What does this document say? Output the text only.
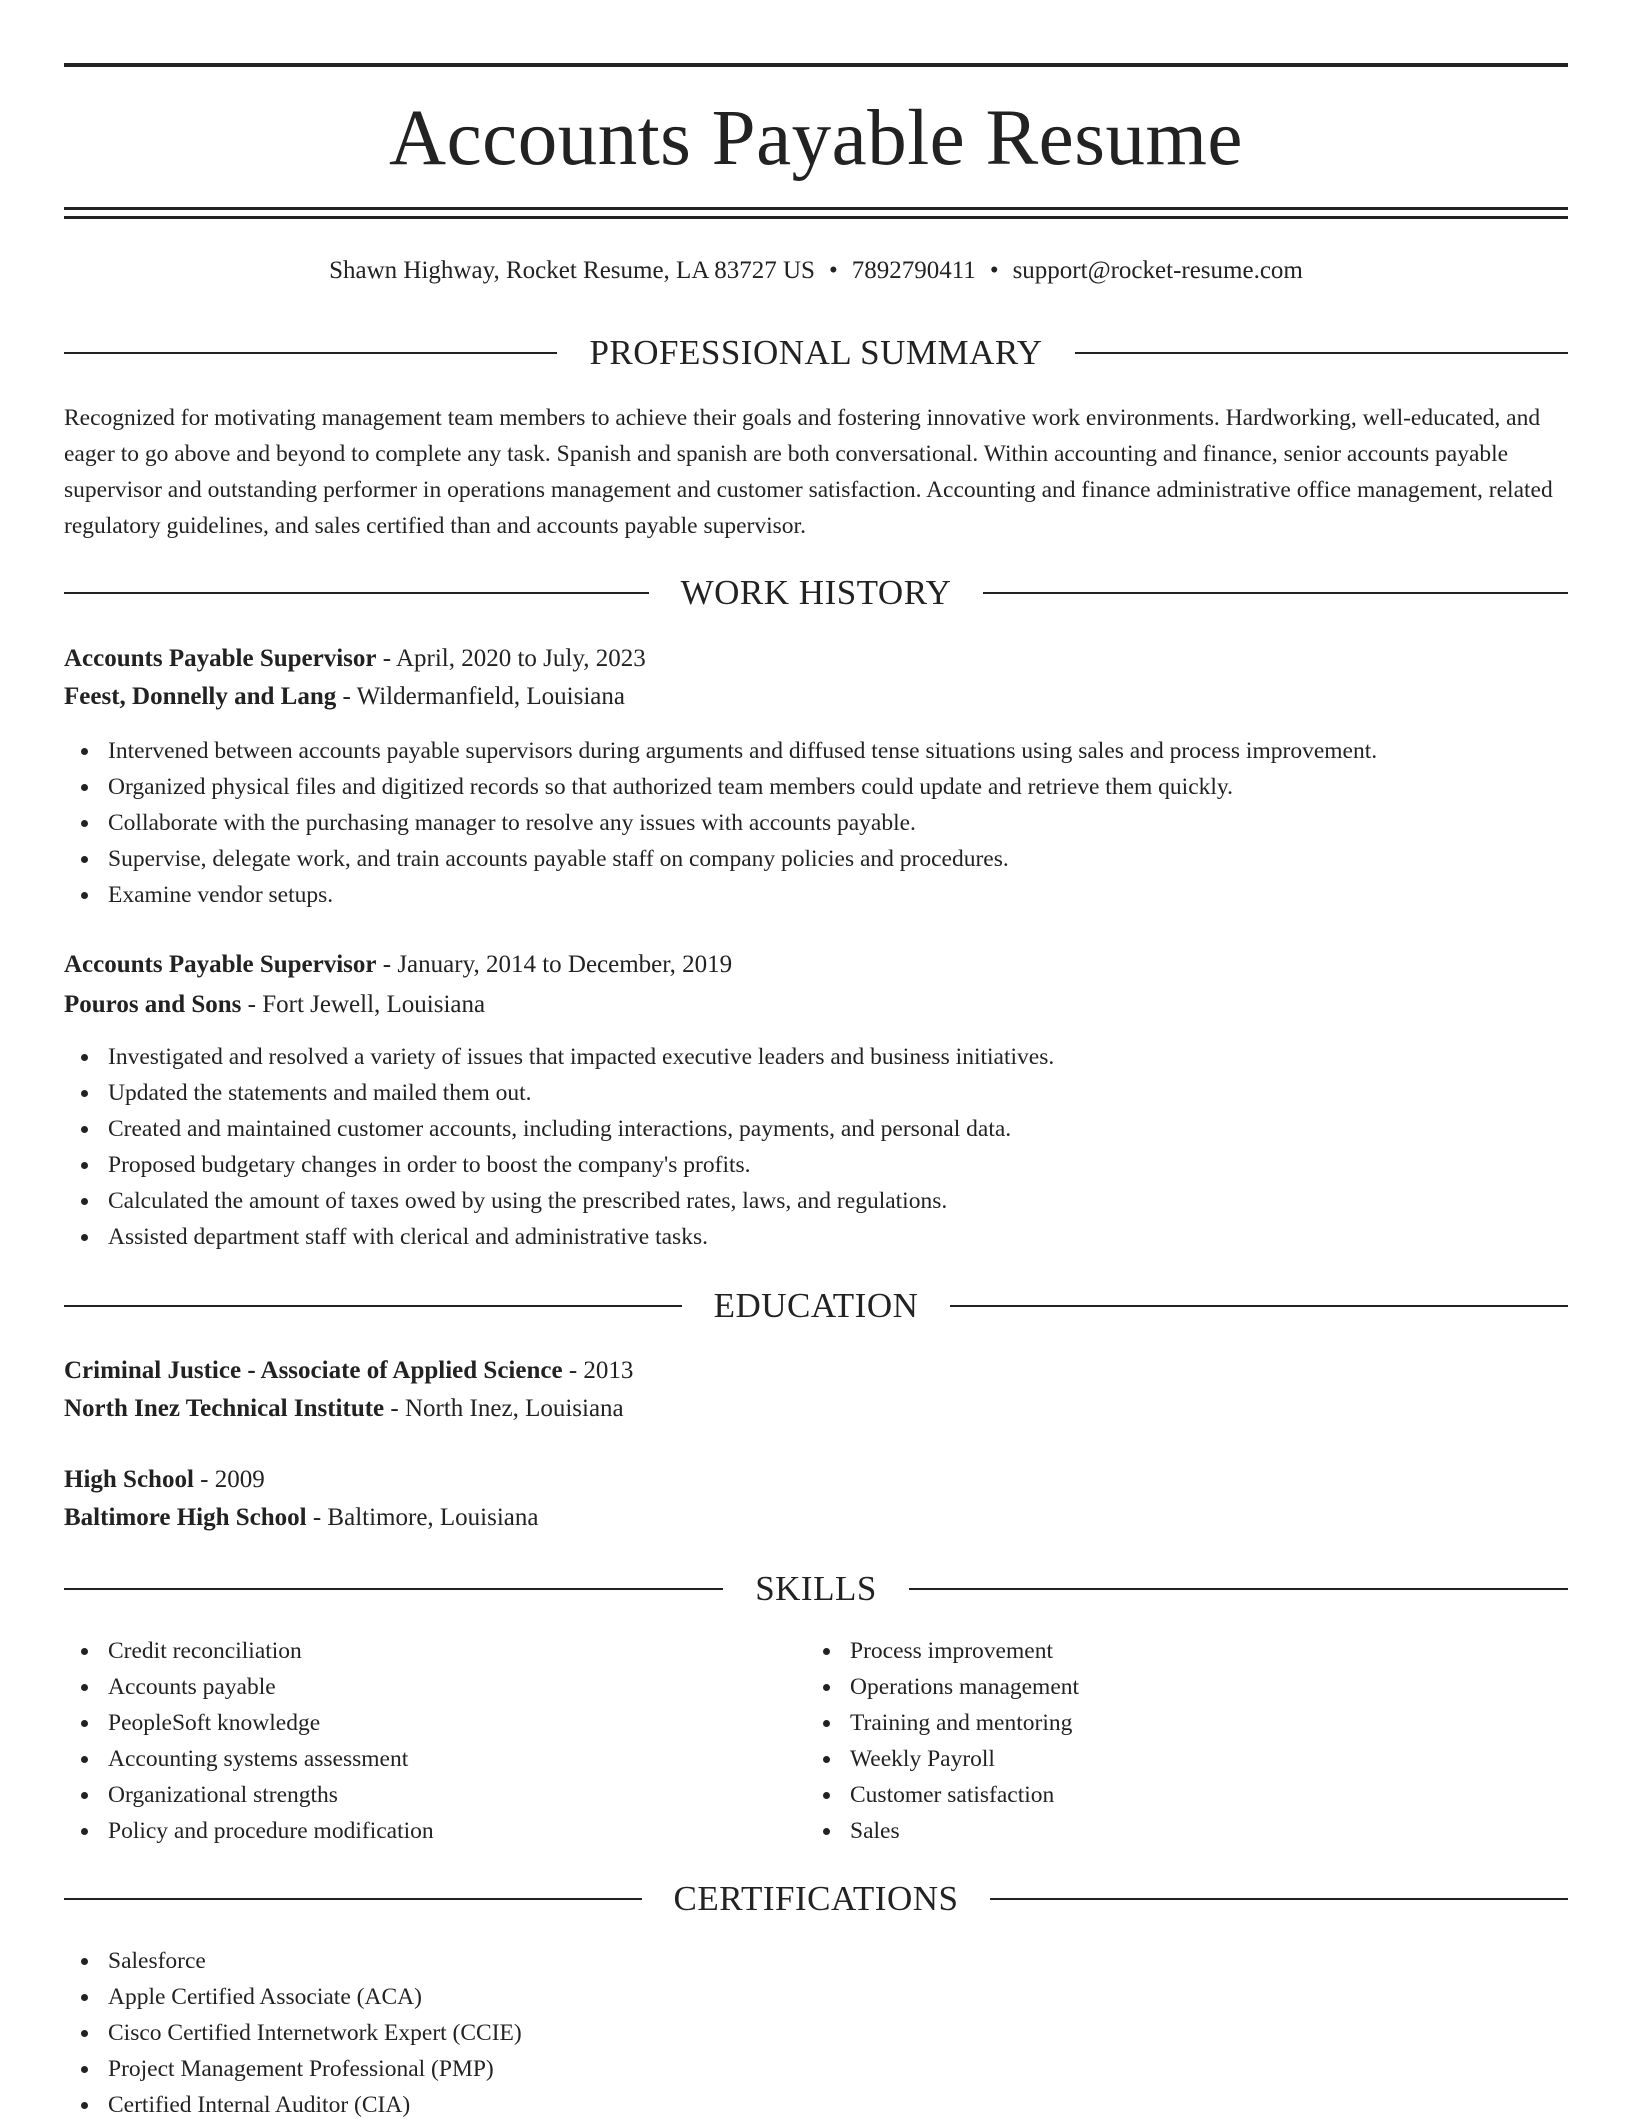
Accounts Payable Resume
Shawn Highway, Rocket Resume, LA 83727 US • 7892790411 • support@rocket-resume.com
PROFESSIONAL SUMMARY

Recognized for motivating management team members to achieve their goals and fostering innovative work environments. Hardworking, well-educated, and eager to go above and beyond to complete any task. Spanish and spanish are both conversational. Within accounting and finance, senior accounts payable supervisor and outstanding performer in operations management and customer satisfaction. Accounting and finance administrative office management, related regulatory guidelines, and sales certified than and accounts payable supervisor.

WORK HISTORY
Accounts Payable Supervisor - April, 2020 to July, 2023
Feest, Donnelly and Lang - Wildermanfield, Louisiana
Intervened between accounts payable supervisors during arguments and diffused tense situations using sales and process improvement.
Organized physical files and digitized records so that authorized team members could update and retrieve them quickly.
Collaborate with the purchasing manager to resolve any issues with accounts payable.
Supervise, delegate work, and train accounts payable staff on company policies and procedures.
Examine vendor setups.
Accounts Payable Supervisor - January, 2014 to December, 2019
Pouros and Sons - Fort Jewell, Louisiana
Investigated and resolved a variety of issues that impacted executive leaders and business initiatives.
Updated the statements and mailed them out.
Created and maintained customer accounts, including interactions, payments, and personal data.
Proposed budgetary changes in order to boost the company's profits.
Calculated the amount of taxes owed by using the prescribed rates, laws, and regulations.
Assisted department staff with clerical and administrative tasks.
EDUCATION
Criminal Justice - Associate of Applied Science - 2013
North Inez Technical Institute - North Inez, Louisiana
High School - 2009
Baltimore High School - Baltimore, Louisiana
SKILLS
Credit reconciliation
Accounts payable
PeopleSoft knowledge
Accounting systems assessment
Organizational strengths
Policy and procedure modification
Process improvement
Operations management
Training and mentoring
Weekly Payroll
Customer satisfaction
Sales
CERTIFICATIONS
Salesforce
Apple Certified Associate (ACA)
Cisco Certified Internetwork Expert (CCIE)
Project Management Professional (PMP)
Certified Internal Auditor (CIA)
